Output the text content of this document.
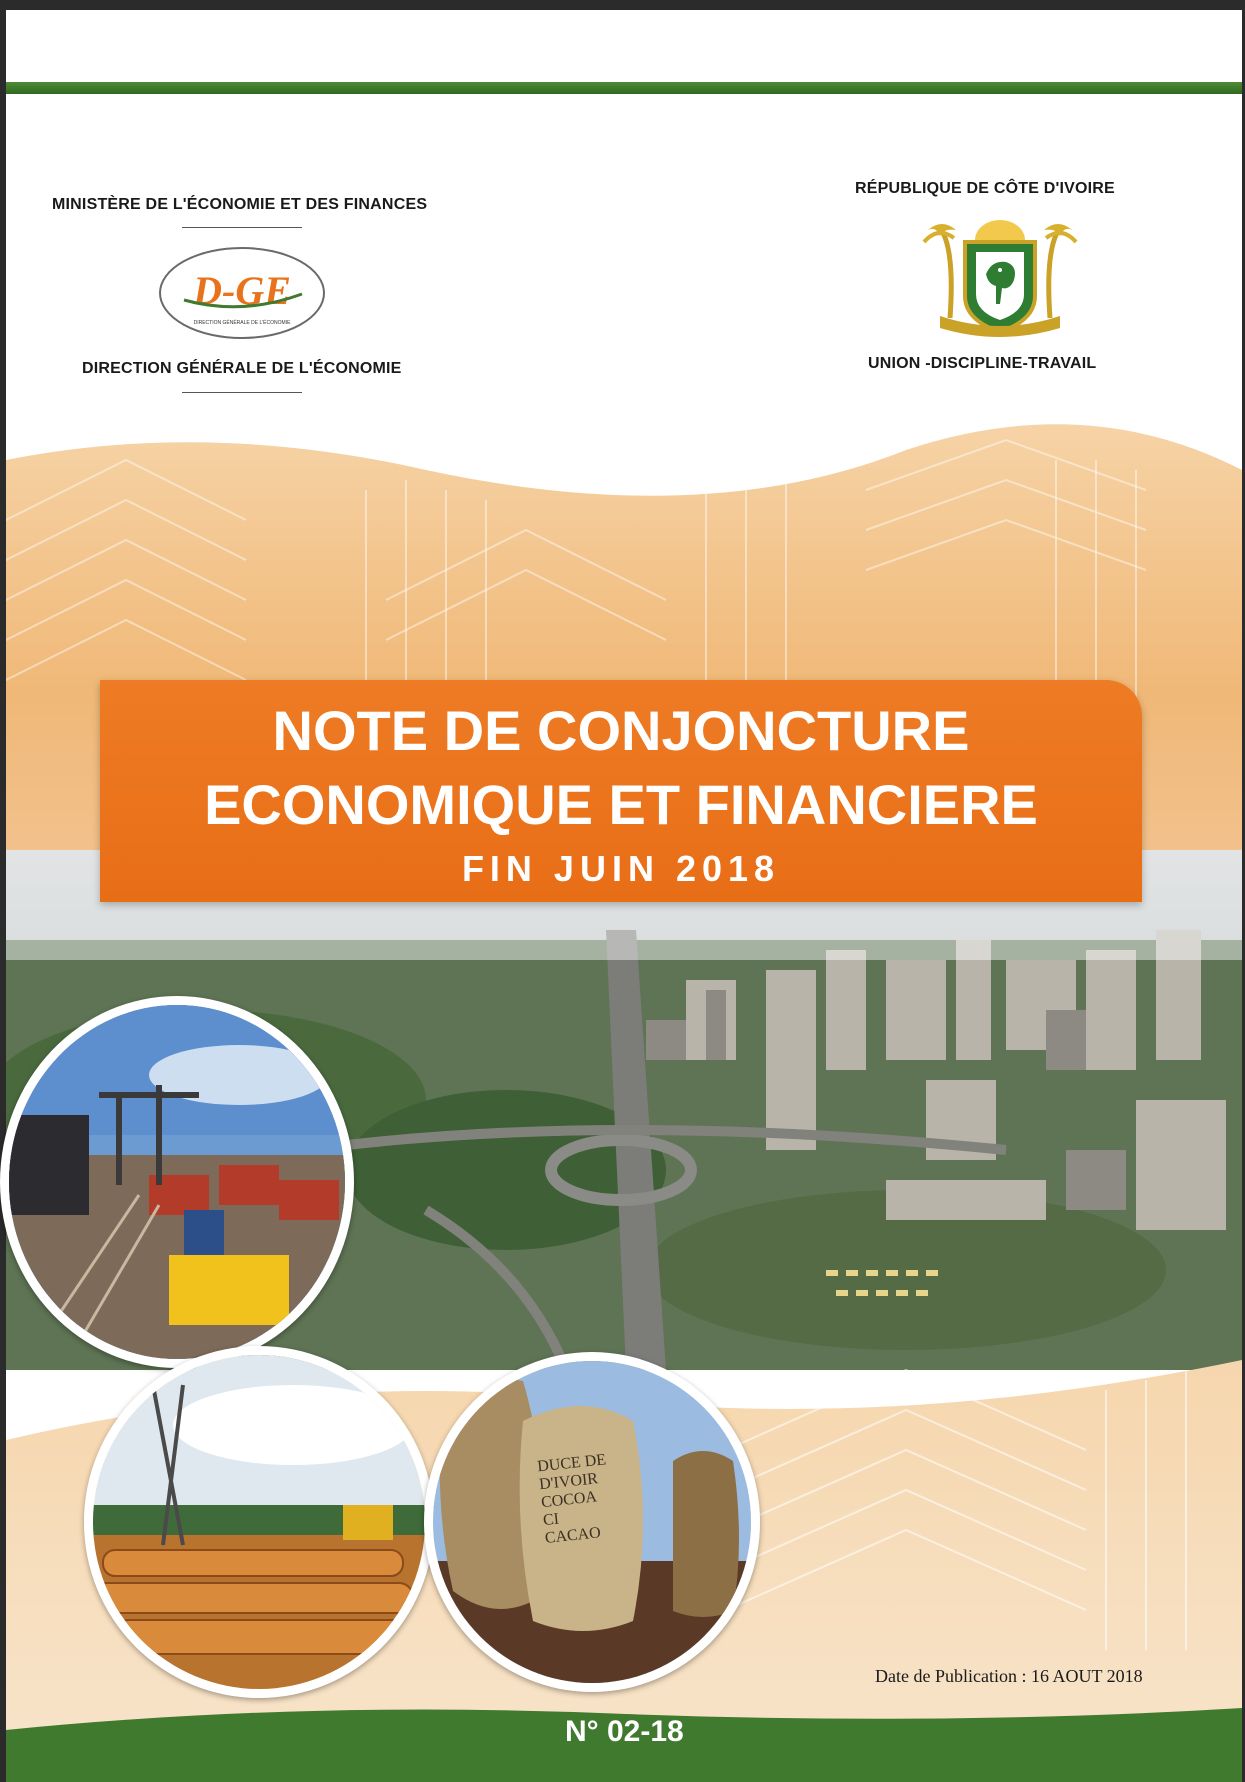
MINISTÈRE DE L'ÉCONOMIE ET DES FINANCES
D-GE
DIRECTION GÉNÉRALE DE L'ÉCONOMIE
DIRECTION GÉNÉRALE DE L'ÉCONOMIE
RÉPUBLIQUE DE CÔTE D'IVOIRE
UNION -DISCIPLINE-TRAVAIL
NOTE DE CONJONCTURE
ECONOMIQUE ET FINANCIERE
FIN JUIN 2018
DUCE DE
D'IVOIR
COCOA
CI
CACAO
Date de Publication : 16 AOUT 2018
N° 02-18
